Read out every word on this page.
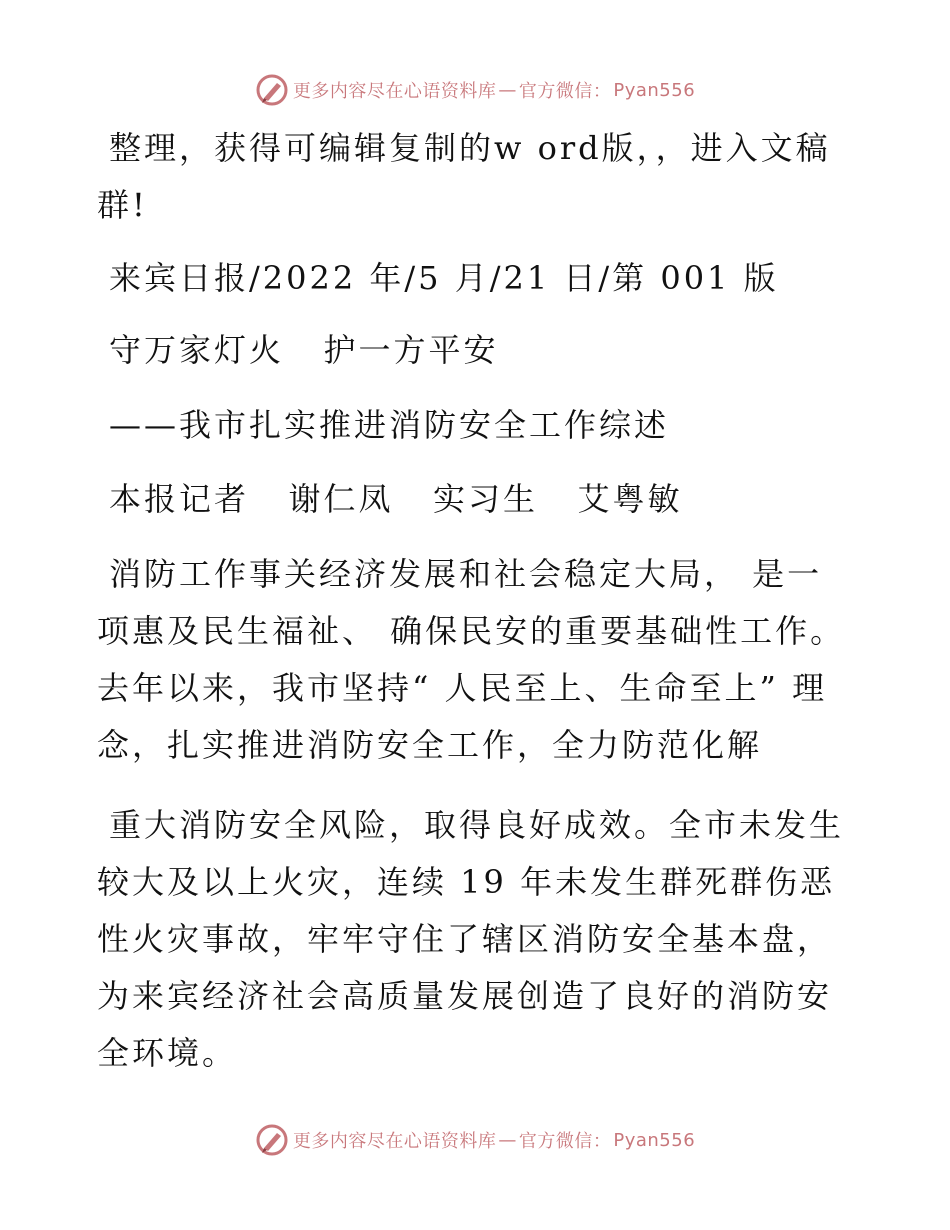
更多内容尽在心语资料库 — 官方微信： Pyan556

整理，获得可编辑复制的w ord版，，进入文稿群!

来宾日报/2022 年/5 月/21 日/第 001 版

守万家灯火   护一方平安

——我市扎实推进消防安全工作综述

本报记者   谢仁凤   实习生   艾粤敏

消防工作事关经济发展和社会稳定大局， 是一项惠及民生福祉、 确保民安的重要基础性工作。去年以来，我市坚持“ 人民至上、生命至上” 理念，扎实推进消防安全工作，全力防范化解

重大消防安全风险，取得良好成效。全市未发生较大及以上火灾，连续 19 年未发生群死群伤恶性火灾事故，牢牢守住了辖区消防安全基本盘，为来宾经济社会高质量发展创造了良好的消防安全环境。

更多内容尽在心语资料库 — 官方微信： Pyan556
